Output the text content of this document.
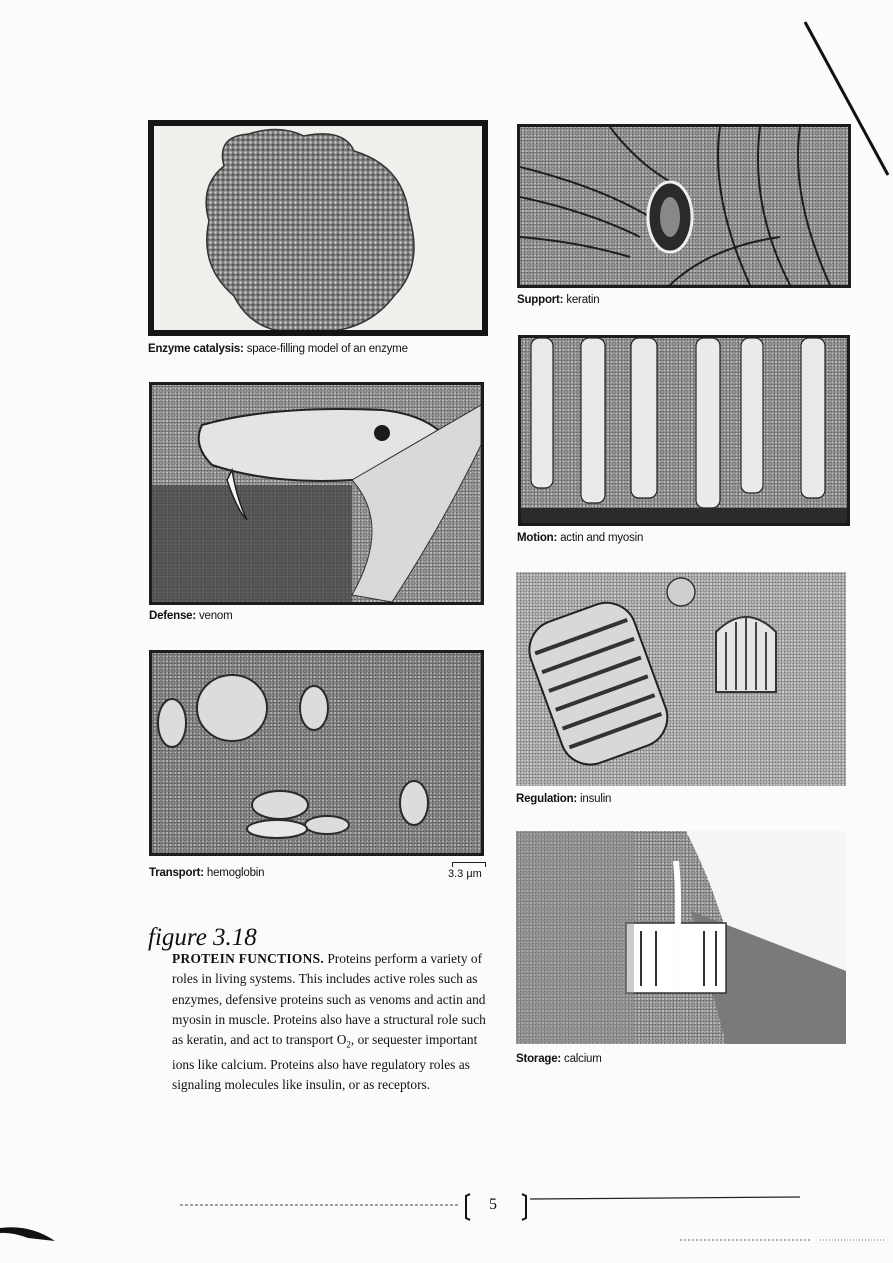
Enzyme catalysis: space-filling model of an enzyme
Support: keratin
Defense: venom
Motion: actin and myosin
Regulation: insulin
Transport: hemoglobin	3.3 µm
Storage: calcium
figure 3.18
PROTEIN FUNCTIONS. Proteins perform a variety of roles in living systems. This includes active roles such as enzymes, defensive proteins such as venoms and actin and myosin in muscle. Proteins also have a structural role such as keratin, and act to transport $O_2$, or sequester important ions like calcium. Proteins also have regulatory roles as signaling molecules like insulin, or as receptors.
5
